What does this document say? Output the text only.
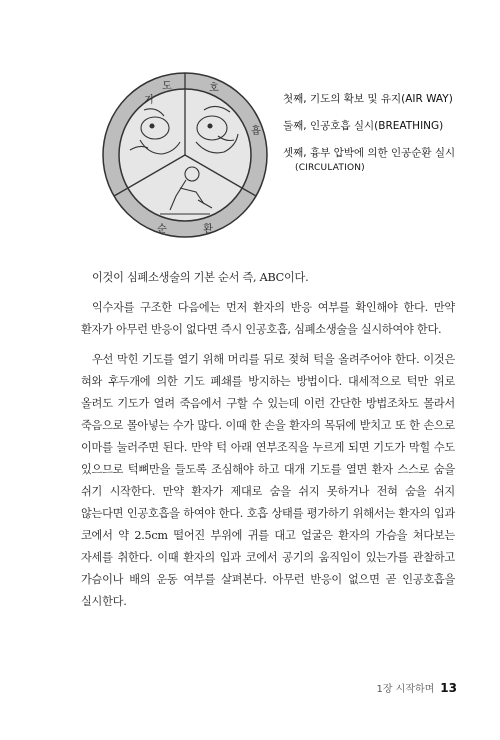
기
도	호
흡
순	환
첫째, 기도의 확보 및 유지(AIR WAY)
둘째, 인공호흡 실시(BREATHING)
셋째, 흉부 압박에 의한 인공순환 실시
(CIRCULATION)

이것이 심폐소생술의 기본 순서 즉, ABC이다.

익수자를 구조한 다음에는 먼저 환자의 반응 여부를 확인해야 한다. 만약 환자가 아무런 반응이 없다면 즉시 인공호흡, 심폐소생술을 실시하여야 한다.

우선 막힌 기도를 열기 위해 머리를 뒤로 젖혀 턱을 올려주어야 한다. 이것은 혀와 후두개에 의한 기도 폐쇄를 방지하는 방법이다. 대세적으로 턱만 위로 올려도 기도가 열려 죽음에서 구할 수 있는데 이런 간단한 방법조차도 몰라서 죽음으로 몰아넣는 수가 많다. 이때 한 손을 환자의 목뒤에 받치고 또 한 손으로 이마를 눌러주면 된다. 만약 턱 아래 연부조직을 누르게 되면 기도가 막힐 수도 있으므로 턱뼈만을 들도록 조심해야 하고 대개 기도를 열면 환자 스스로 숨을 쉬기 시작한다. 만약 환자가 제대로 숨을 쉬지 못하거나 전혀 숨을 쉬지 않는다면 인공호흡을 하여야 한다. 호흡 상태를 평가하기 위해서는 환자의 입과 코에서 약 2.5cm 떨어진 부위에 귀를 대고 얼굴은 환자의 가슴을 쳐다보는 자세를 취한다. 이때 환자의 입과 코에서 공기의 움직임이 있는가를 관찰하고 가슴이나 배의 운동 여부를 살펴본다. 아무런 반응이 없으면 곧 인공호흡을 실시한다.

1장 시작하며 13
